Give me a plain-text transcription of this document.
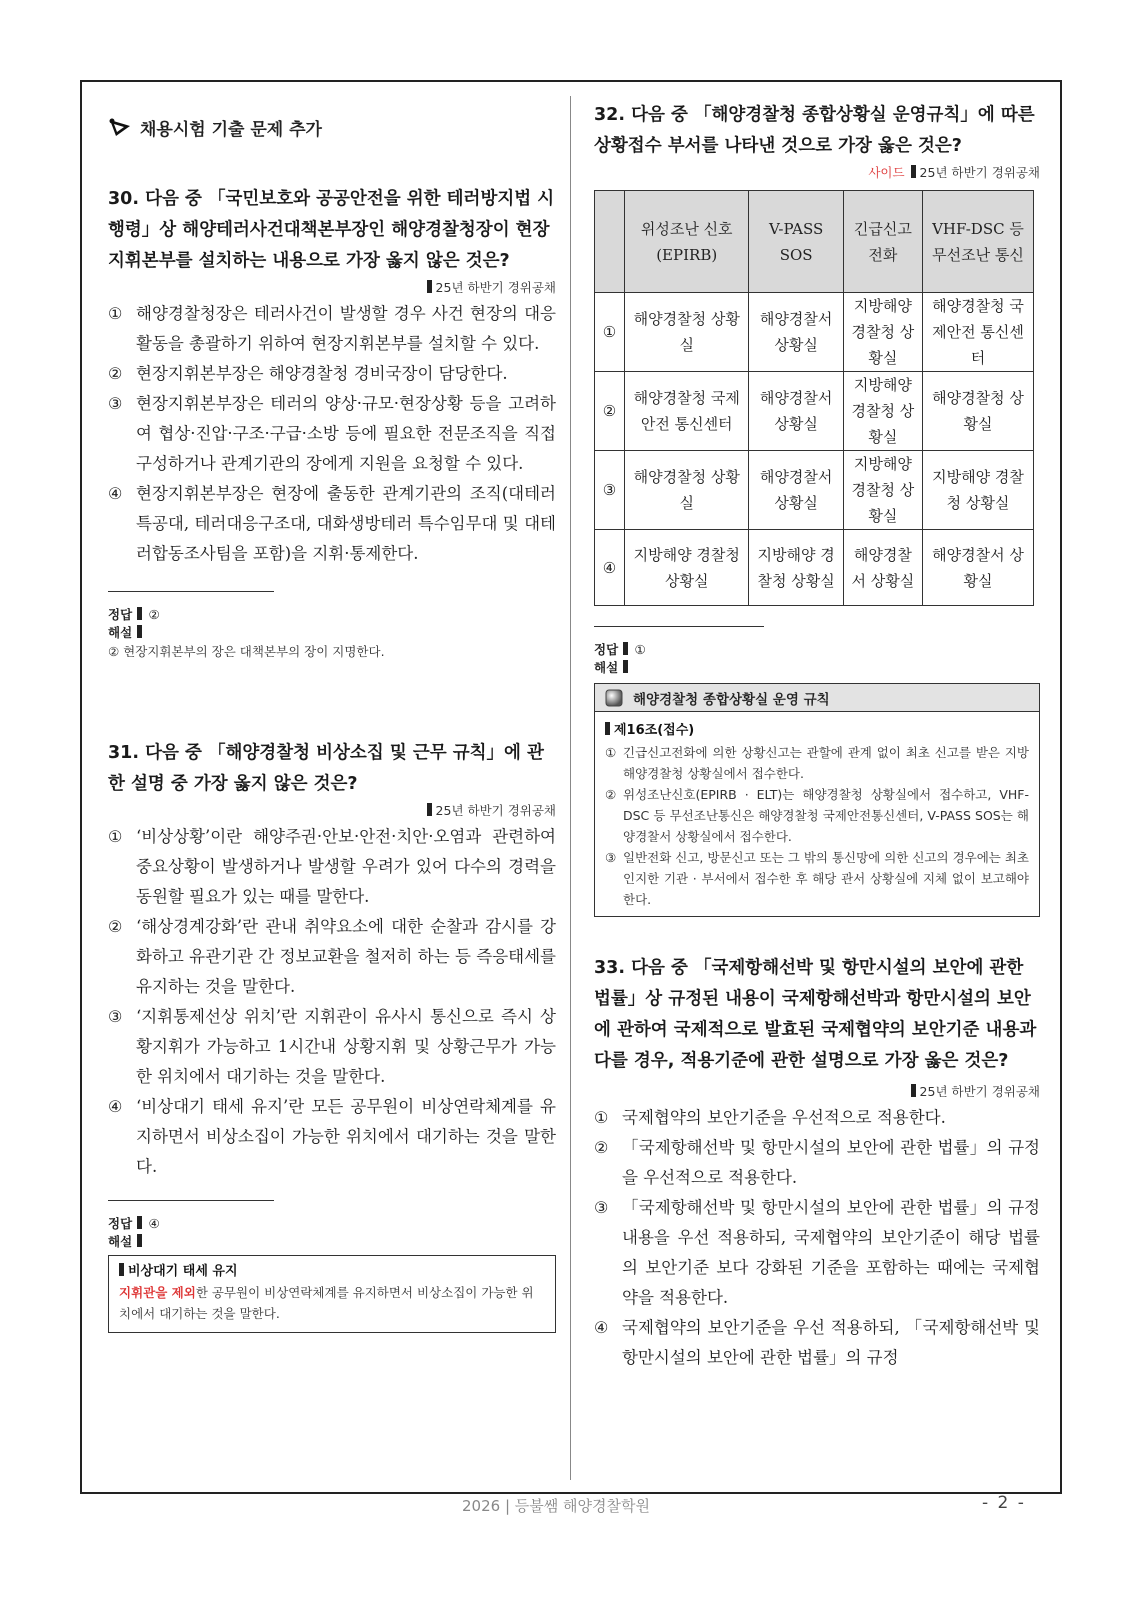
채용시험 기출 문제 추가
30. 다음 중 「국민보호와 공공안전을 위한 테러방지법 시행령」상 해양테러사건대책본부장인 해양경찰청장이 현장지휘본부를 설치하는 내용으로 가장 옳지 않은 것은?
25년 하반기 경위공채
① 해양경찰청장은 테러사건이 발생할 경우 사건 현장의 대응 활동을 총괄하기 위하여 현장지휘본부를 설치할 수 있다.
② 현장지휘본부장은 해양경찰청 경비국장이 담당한다.
③ 현장지휘본부장은 테러의 양상·규모·현장상황 등을 고려하여 협상·진압·구조·구급·소방 등에 필요한 전문조직을 직접 구성하거나 관계기관의 장에게 지원을 요청할 수 있다.
④ 현장지휘본부장은 현장에 출동한 관계기관의 조직(대테러특공대, 테러대응구조대, 대화생방테러 특수임무대 및 대테러합동조사팀을 포함)을 지휘·통제한다.
정답 ②
해설
② 현장지휘본부의 장은 대책본부의 장이 지명한다.
31. 다음 중 「해양경찰청 비상소집 및 근무 규칙」에 관한 설명 중 가장 옳지 않은 것은?
25년 하반기 경위공채
① ‘비상상황’이란 해양주권·안보·안전·치안·오염과 관련하여 중요상황이 발생하거나 발생할 우려가 있어 다수의 경력을 동원할 필요가 있는 때를 말한다.
② ‘해상경계강화’란 관내 취약요소에 대한 순찰과 감시를 강화하고 유관기관 간 정보교환을 철저히 하는 등 즉응태세를 유지하는 것을 말한다.
③ ‘지휘통제선상 위치’란 지휘관이 유사시 통신으로 즉시 상황지휘가 가능하고 1시간내 상황지휘 및 상황근무가 가능한 위치에서 대기하는 것을 말한다.
④ ‘비상대기 태세 유지’란 모든 공무원이 비상연락체계를 유지하면서 비상소집이 가능한 위치에서 대기하는 것을 말한다.
정답 ④
해설
비상대기 태세 유지
지휘관을 제외한 공무원이 비상연락체계를 유지하면서 비상소집이 가능한 위치에서 대기하는 것을 말한다.
32. 다음 중 「해양경찰청 종합상황실 운영규칙」에 따른 상황접수 부서를 나타낸 것으로 가장 옳은 것은?
사이드 25년 하반기 경위공채
	위성조난 신호 (EPIRB)	V-PASS SOS	긴급신고 전화	VHF-DSC 등 무선조난 통신
①	해양경찰청 상황실	해양경찰서 상황실	지방해양 경찰청 상황실	해양경찰청 국제안전 통신센터
②	해양경찰청 국제안전 통신센터	해양경찰서 상황실	지방해양 경찰청 상황실	해양경찰청 상황실
③	해양경찰청 상황실	해양경찰서 상황실	지방해양 경찰청 상황실	지방해양 경찰청 상황실
④	지방해양 경찰청 상황실	지방해양 경찰청 상황실	해양경찰서 상황실	해양경찰서 상황실
정답 ①
해설
해양경찰청 종합상황실 운영 규칙
제16조(접수)
① 긴급신고전화에 의한 상황신고는 관할에 관계 없이 최초 신고를 받은 지방해양경찰청 상황실에서 접수한다.
② 위성조난신호(EPIRB · ELT)는 해양경찰청 상황실에서 접수하고, VHF-DSC 등 무선조난통신은 해양경찰청 국제안전통신센터, V-PASS SOS는 해양경찰서 상황실에서 접수한다.
③ 일반전화 신고, 방문신고 또는 그 밖의 통신망에 의한 신고의 경우에는 최초 인지한 기관 · 부서에서 접수한 후 해당 관서 상황실에 지체 없이 보고해야 한다.
33. 다음 중 「국제항해선박 및 항만시설의 보안에 관한 법률」상 규정된 내용이 국제항해선박과 항만시설의 보안에 관하여 국제적으로 발효된 국제협약의 보안기준 내용과 다를 경우, 적용기준에 관한 설명으로 가장 옳은 것은?
25년 하반기 경위공채
① 국제협약의 보안기준을 우선적으로 적용한다.
② 「국제항해선박 및 항만시설의 보안에 관한 법률」의 규정을 우선적으로 적용한다.
③ 「국제항해선박 및 항만시설의 보안에 관한 법률」의 규정 내용을 우선 적용하되, 국제협약의 보안기준이 해당 법률의 보안기준 보다 강화된 기준을 포함하는 때에는 국제협약을 적용한다.
④ 국제협약의 보안기준을 우선 적용하되, 「국제항해선박 및 항만시설의 보안에 관한 법률」의 규정
2026 | 등불쌤 해양경찰학원	- 2 -
